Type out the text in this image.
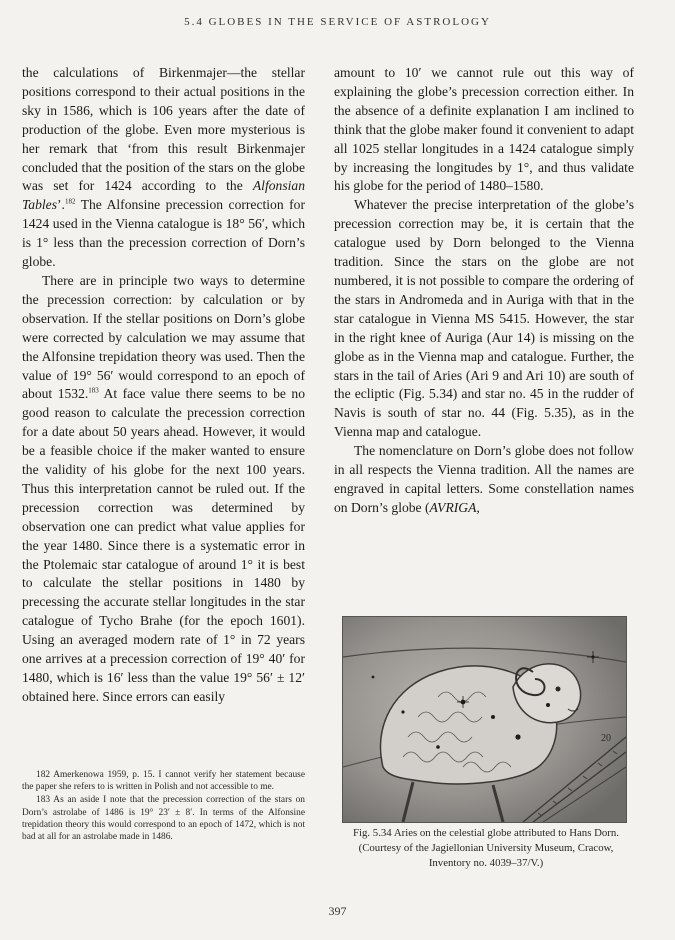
5.4 GLOBES IN THE SERVICE OF ASTROLOGY

the calculations of Birkenmajer—the stellar positions correspond to their actual positions in the sky in 1586, which is 106 years after the date of production of the globe. Even more mysterious is her remark that ‘from this result Birkenmajer concluded that the position of the stars on the globe was set for 1424 according to the Alfonsian Tables’.$^{182}$ The Alfonsine precession correction for 1424 used in the Vienna catalogue is 18° 56′, which is 1° less than the precession correction of Dorn’s globe.

There are in principle two ways to determine the precession correction: by calculation or by observation. If the stellar positions on Dorn’s globe were corrected by calculation we may assume that the Alfonsine trepidation theory was used. Then the value of 19° 56′ would correspond to an epoch of about 1532.$^{183}$ At face value there seems to be no good reason to calculate the precession correction for a date about 50 years ahead. However, it would be a feasible choice if the maker wanted to ensure the validity of his globe for the next 100 years. Thus this interpretation cannot be ruled out. If the precession correction was determined by observation one can predict what value applies for the year 1480. Since there is a systematic error in the Ptolemaic star catalogue of around 1° it is best to calculate the stellar positions in 1480 by precessing the accurate stellar longitudes in the star catalogue of Tycho Brahe (for the epoch 1601). Using an averaged modern rate of 1° in 72 years one arrives at a precession correction of 19° 40′ for 1480, which is 16′ less than the value 19° 56′ ± 12′ obtained here. Since errors can easily

amount to 10′ we cannot rule out this way of explaining the globe’s precession correction either. In the absence of a definite explanation I am inclined to think that the globe maker found it convenient to adapt all 1025 stellar longitudes in a 1424 catalogue simply by increasing the longitudes by 1°, and thus validate his globe for the period of 1480–1580.

Whatever the precise interpretation of the globe’s precession correction may be, it is certain that the catalogue used by Dorn belonged to the Vienna tradition. Since the stars on the globe are not numbered, it is not possible to compare the ordering of the stars in Andromeda and in Auriga with that in the star catalogue in Vienna MS 5415. However, the star in the right knee of Auriga (Aur 14) is missing on the globe as in the Vienna map and catalogue. Further, the stars in the tail of Aries (Ari 9 and Ari 10) are south of the ecliptic (Fig. 5.34) and star no. 45 in the rudder of Navis is south of star no. 44 (Fig. 5.35), as in the Vienna map and catalogue.

The nomenclature on Dorn’s globe does not follow in all respects the Vienna tradition. All the names are engraved in capital letters. Some constellation names on Dorn’s globe (AVRIGA,

182 Amerkenowa 1959, p. 15. I cannot verify her statement because the paper she refers to is written in Polish and not accessible to me.

183 As an aside I note that the precession correction of the stars on Dorn’s astrolabe of 1486 is 19° 23′ ± 8′. In terms of the Alfonsine trepidation theory this would correspond to an epoch of 1472, which is not bad at all for an astrolabe made in 1486.

20
Fig. 5.34 Aries on the celestial globe attributed to Hans Dorn. (Courtesy of the Jagiellonian University Museum, Cracow, Inventory no. 4039–37/V.)
397
